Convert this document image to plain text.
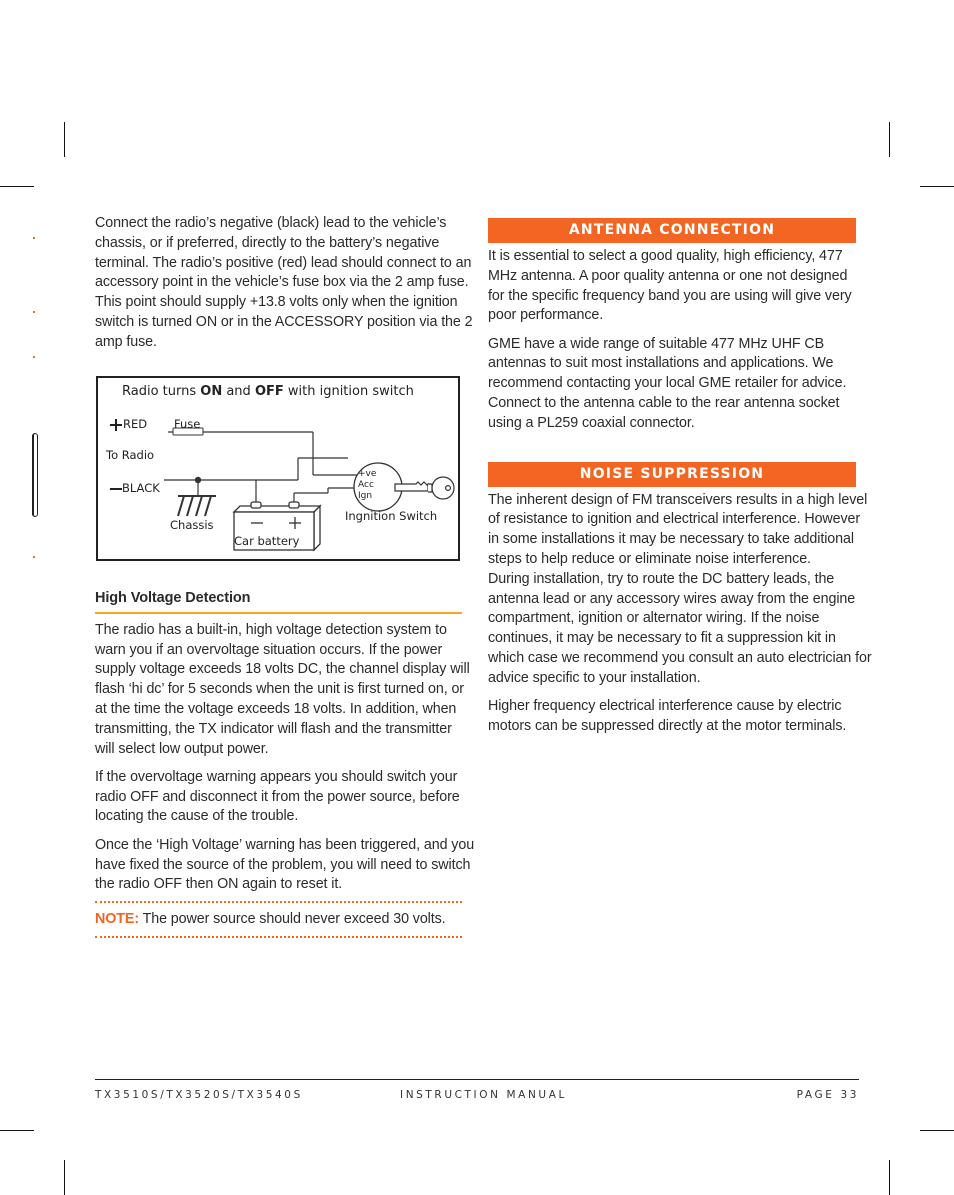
Connect the radio’s negative (black) lead to the vehicle’s
chassis, or if preferred, directly to the battery’s negative
terminal. The radio’s positive (red) lead should connect to an
accessory point in the vehicle’s fuse box via the 2 amp fuse.
This point should supply +13.8 volts only when the ignition
switch is turned ON or in the ACCESSORY position via the 2
amp fuse.

Radio turns ON and OFF with ignition switch
RED Fuse
To Radio
BLACK
Chassis
Car battery
Ingnition Switch
+ve
Acc
Ign
High Voltage Detection

The radio has a built-in, high voltage detection system to
warn you if an overvoltage situation occurs. If the power
supply voltage exceeds 18 volts DC, the channel display will
flash ‘hi dc’ for 5 seconds when the unit is first turned on, or
at the time the voltage exceeds 18 volts. In addition, when
transmitting, the TX indicator will flash and the transmitter
will select low output power.

If the overvoltage warning appears you should switch your
radio OFF and disconnect it from the power source, before
locating the cause of the trouble.

Once the ‘High Voltage’ warning has been triggered, and you
have fixed the source of the problem, you will need to switch
the radio OFF then ON again to reset it.

NOTE: The power source should never exceed 30 volts.
ANTENNA CONNECTION

It is essential to select a good quality, high efficiency, 477
MHz antenna. A poor quality antenna or one not designed
for the specific frequency band you are using will give very
poor performance.

GME have a wide range of suitable 477 MHz UHF CB
antennas to suit most installations and applications. We
recommend contacting your local GME retailer for advice.
Connect to the antenna cable to the rear antenna socket
using a PL259 coaxial connector.

NOISE SUPPRESSION

The inherent design of FM transceivers results in a high level
of resistance to ignition and electrical interference. However
in some installations it may be necessary to take additional
steps to help reduce or eliminate noise interference.
During installation, try to route the DC battery leads, the
antenna lead or any accessory wires away from the engine
compartment, ignition or alternator wiring. If the noise
continues, it may be necessary to fit a suppression kit in
which case we recommend you consult an auto electrician for
advice specific to your installation.

Higher frequency electrical interference cause by electric
motors can be suppressed directly at the motor terminals.

TX3510S/TX3520S/TX3540S	INSTRUCTION MANUAL	PAGE 33
